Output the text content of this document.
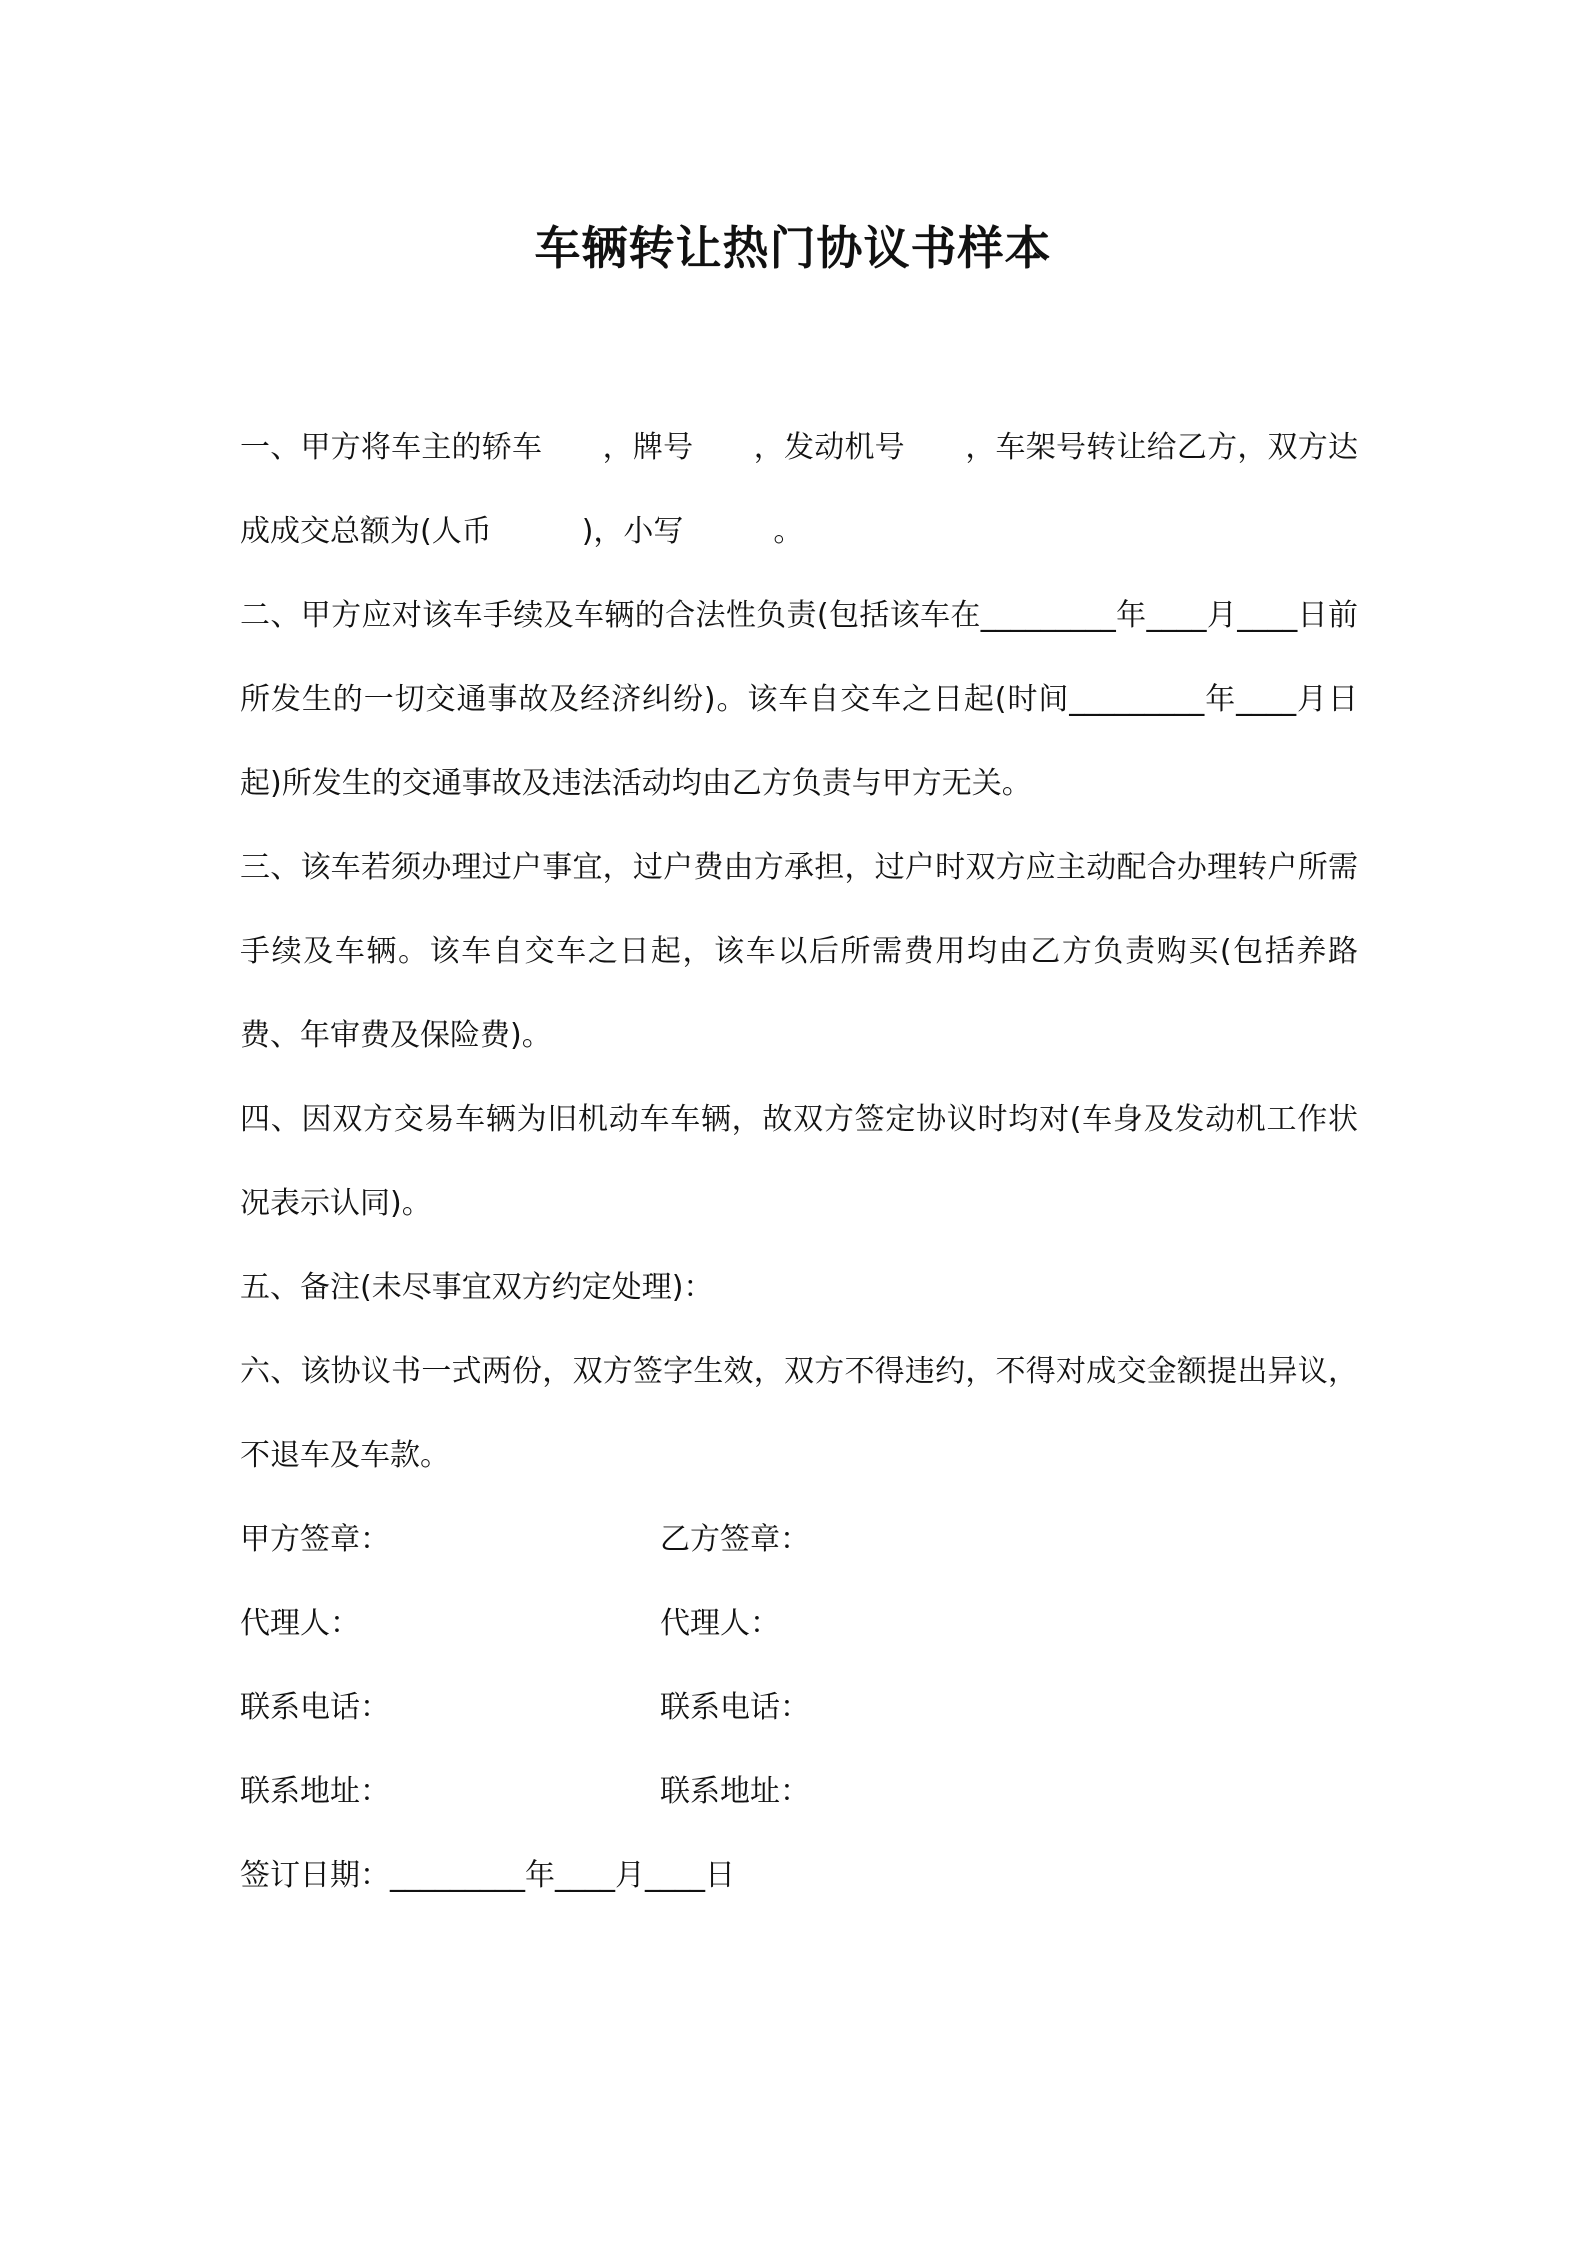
车辆转让热门协议书样本

一、甲方将车主的轿车　　，牌号　　，发动机号　　，车架号转让给乙方，双方达成成交总额为(人币　　　)，小写　　　。

二、甲方应对该车手续及车辆的合法性负责(包括该车在_________年____月____日前所发生的一切交通事故及经济纠纷)。该车自交车之日起(时间_________年____月日起)所发生的交通事故及违法活动均由乙方负责与甲方无关。

三、该车若须办理过户事宜，过户费由方承担，过户时双方应主动配合办理转户所需手续及车辆。该车自交车之日起，该车以后所需费用均由乙方负责购买(包括养路费、年审费及保险费)。

四、因双方交易车辆为旧机动车车辆，故双方签定协议时均对(车身及发动机工作状况表示认同)。

五、备注(未尽事宜双方约定处理)：

六、该协议书一式两份，双方签字生效，双方不得违约，不得对成交金额提出异议，不退车及车款。

甲方签章：	乙方签章：
代理人：	代理人：
联系电话：	联系电话：
联系地址：	联系地址：

签订日期：_________年____月____日
